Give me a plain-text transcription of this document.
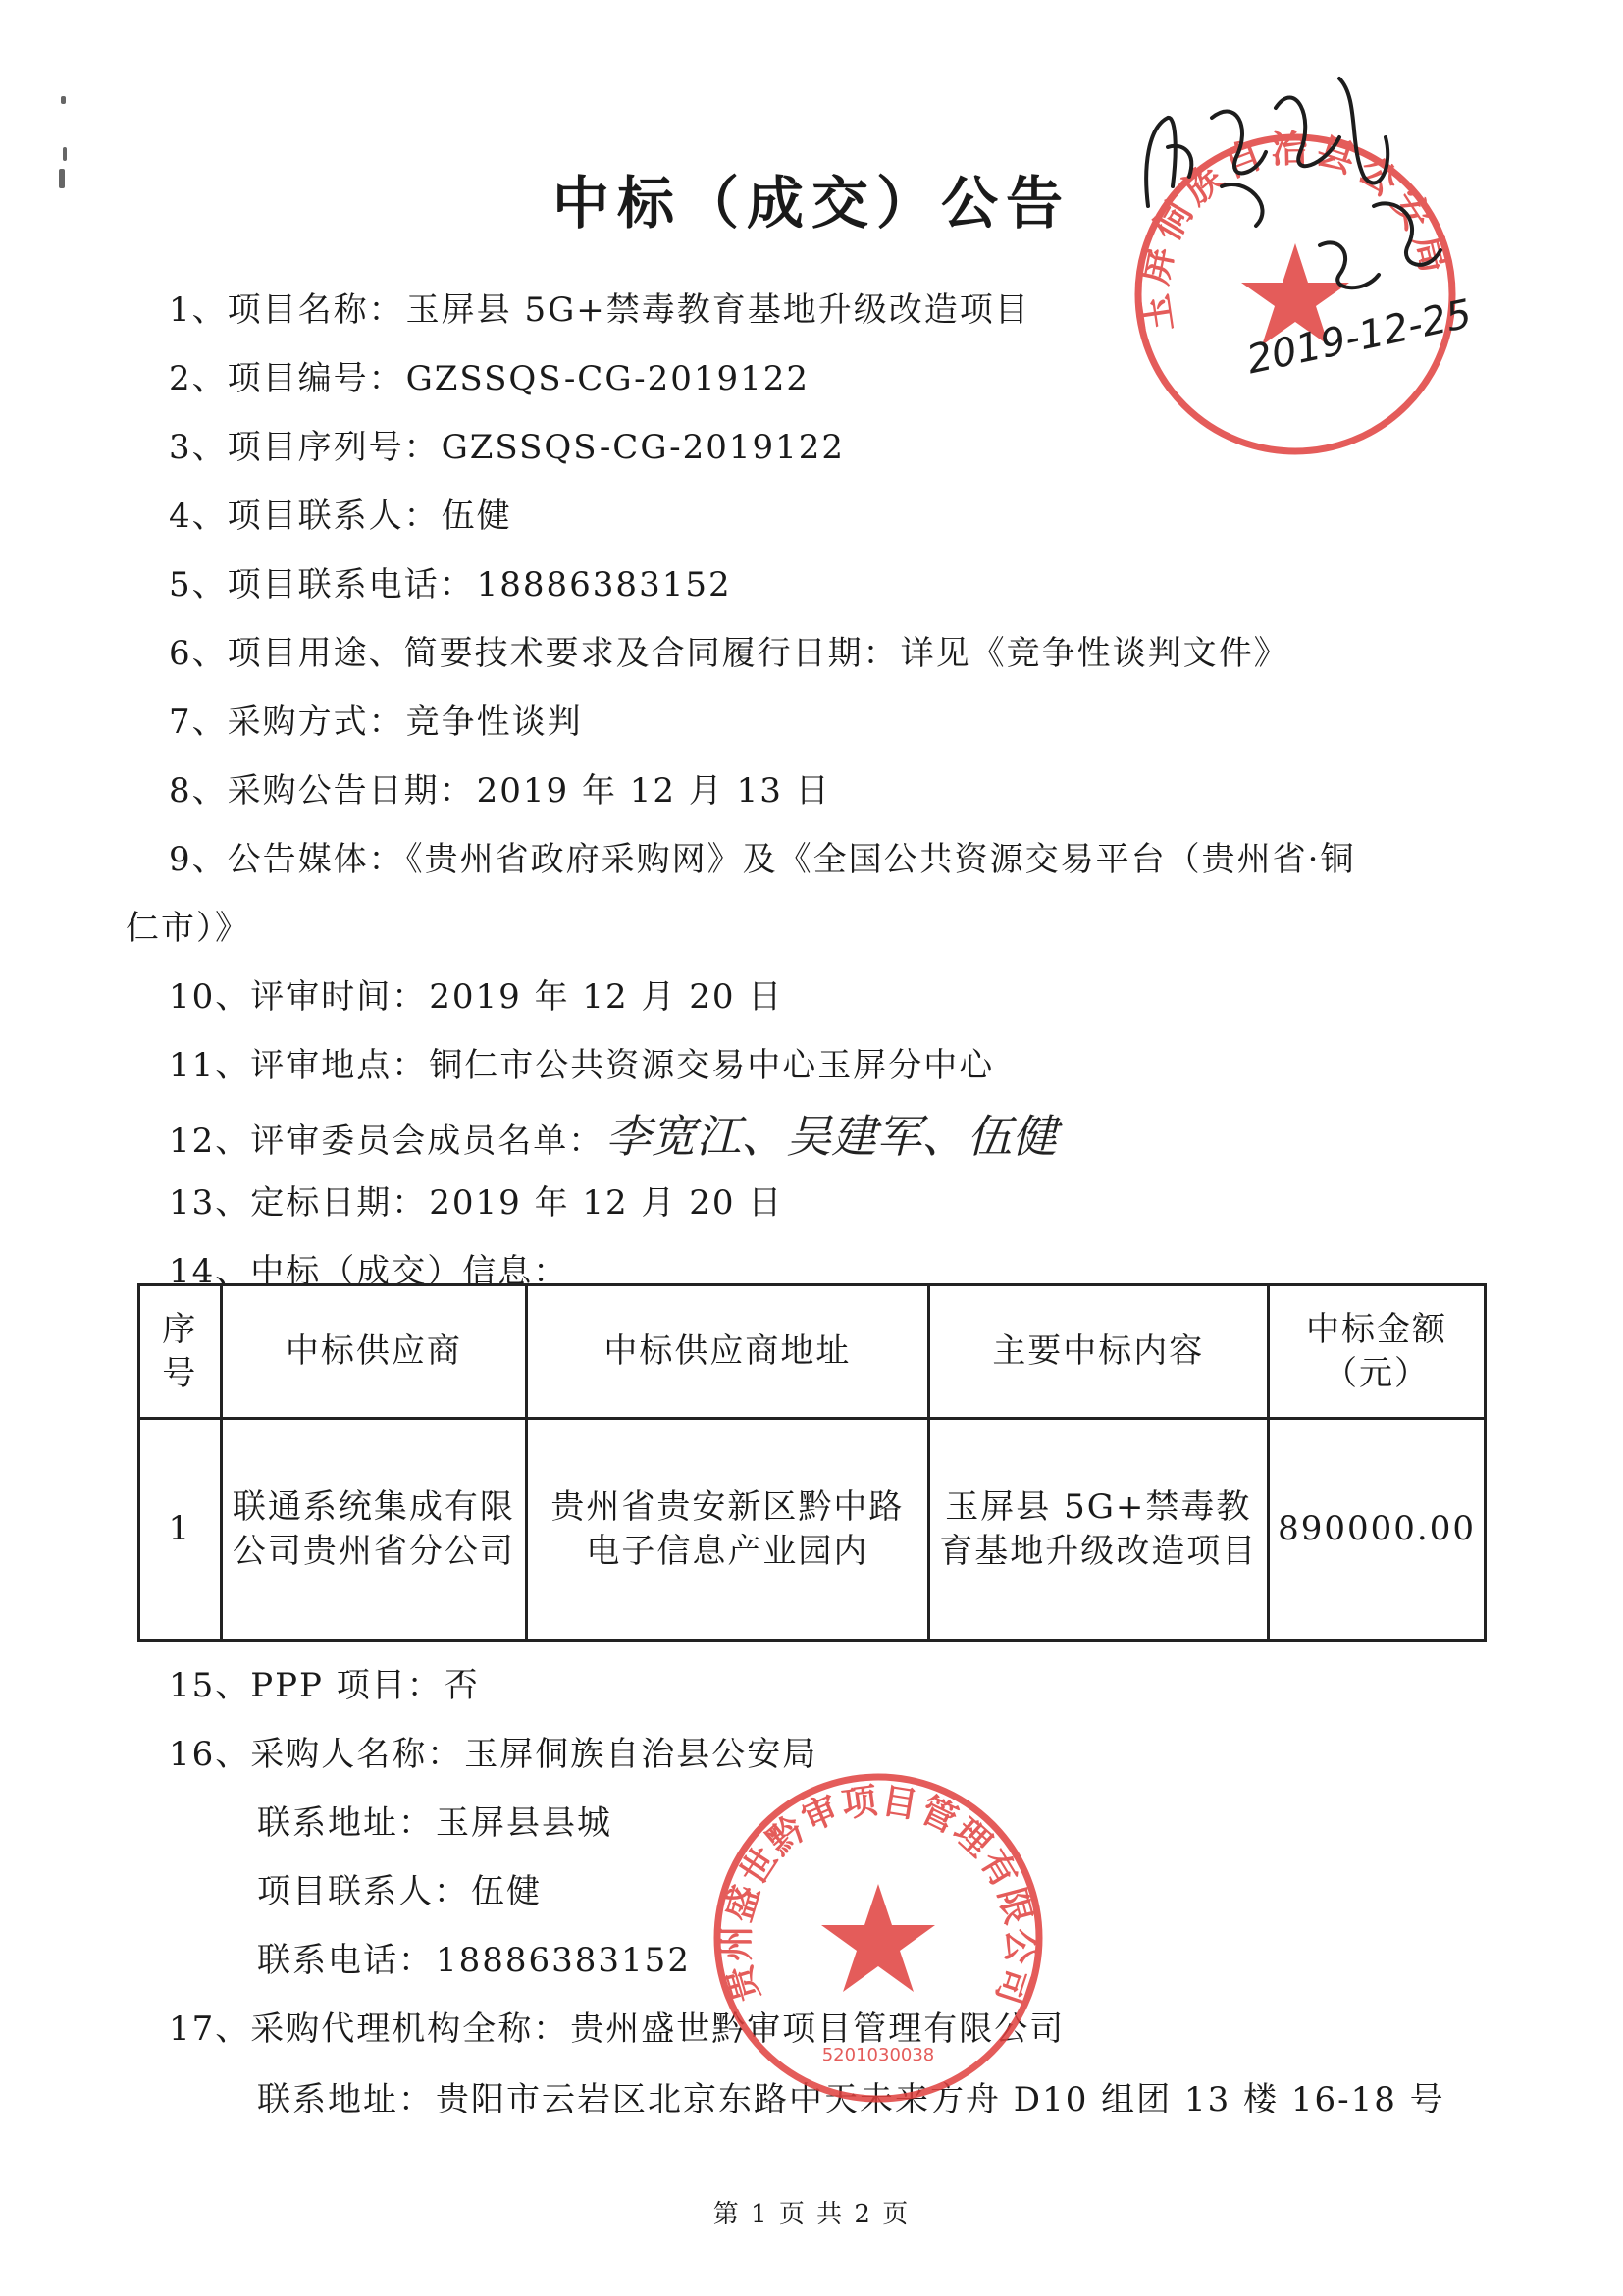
中标（成交）公告
1、项目名称：玉屏县 5G+禁毒教育基地升级改造项目
2、项目编号：GZSSQS-CG-2019122
3、项目序列号：GZSSQS-CG-2019122
4、项目联系人：伍健
5、项目联系电话：18886383152
6、项目用途、简要技术要求及合同履行日期：详见《竞争性谈判文件》
7、采购方式：竞争性谈判
8、采购公告日期：2019 年 12 月 13 日
9、公告媒体：《贵州省政府采购网》及《全国公共资源交易平台（贵州省·铜
仁市）》
10、评审时间：2019 年 12 月 20 日
11、评审地点：铜仁市公共资源交易中心玉屏分中心
12、评审委员会成员名单：李宽江、吴建军、伍健
13、定标日期：2019 年 12 月 20 日
14、中标（成交）信息：
序号	中标供应商	中标供应商地址	主要中标内容	中标金额（元）
1	联通系统集成有限公司贵州省分公司	贵州省贵安新区黔中路电子信息产业园内	玉屏县 5G+禁毒教育基地升级改造项目	890000.00
15、PPP 项目：否
16、采购人名称：玉屏侗族自治县公安局
联系地址：玉屏县县城
项目联系人：伍健
联系电话：18886383152
17、采购代理机构全称：贵州盛世黔审项目管理有限公司
联系地址：贵阳市云岩区北京东路中天未来方舟 D10 组团 13 楼 16-18 号
玉屏侗族自治县公安局
2019-12-25
贵州盛世黔审项目管理有限公司
5201030038
第 1 页 共 2 页
